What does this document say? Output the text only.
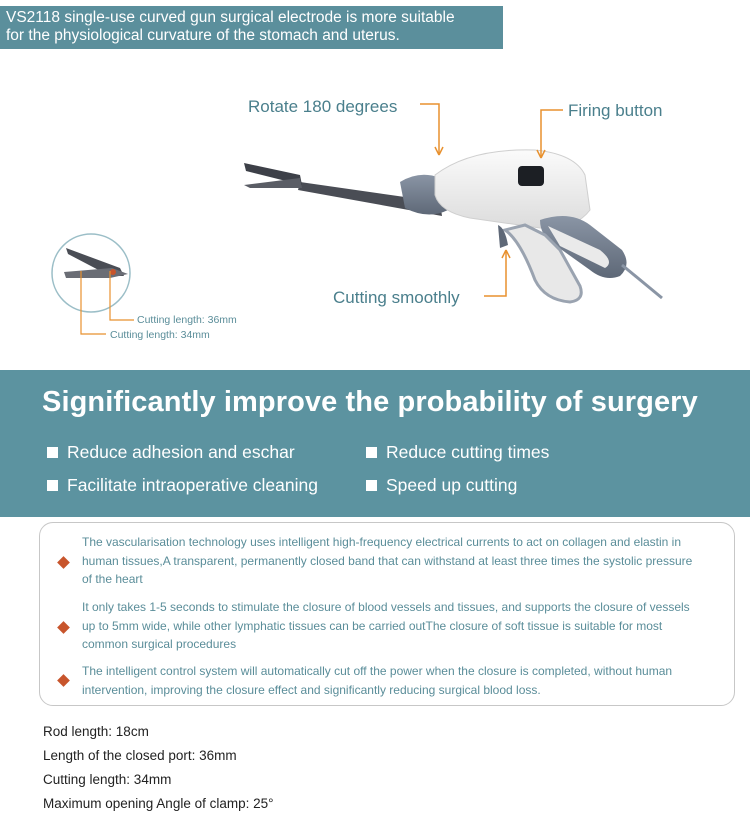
VS2118 single-use curved gun surgical electrode is more suitable
for the physiological curvature of the stomach and uterus.
Rotate 180 degrees	Firing button
Cutting smoothly
Cutting length: 36mm
Cutting length: 34mm
Significantly improve the probability of surgery
Reduce adhesion and eschar	Reduce cutting times
Facilitate intraoperative cleaning	Speed up cutting
The vascularisation technology uses intelligent high-frequency electrical currents to act on collagen and elastin in human tissues,A transparent, permanently closed band that can withstand at least three times the systolic pressure of the heart
It only takes 1-5 seconds to stimulate the closure of blood vessels and tissues, and supports the closure of vessels up to 5mm wide, while other lymphatic tissues can be carried outThe closure of soft tissue is suitable for most common surgical procedures
The intelligent control system will automatically cut off the power when the closure is completed, without human intervention, improving the closure effect and significantly reducing surgical blood loss.
Rod length: 18cm
Length of the closed port: 36mm
Cutting length: 34mm
Maximum opening Angle of clamp: 25°
